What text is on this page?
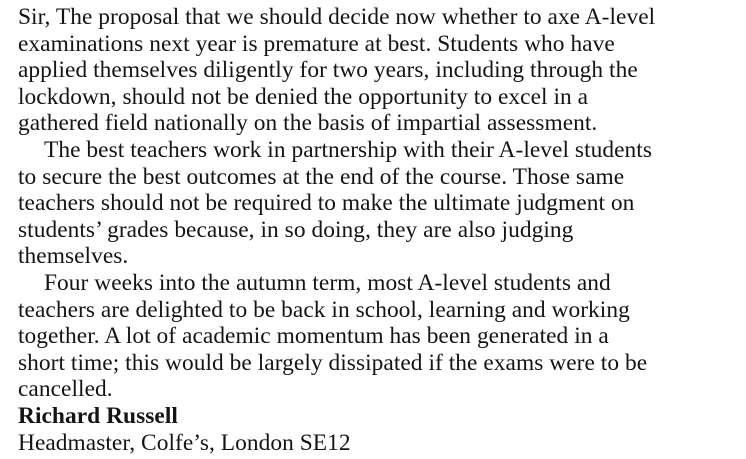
Sir, The proposal that we should decide now whether to axe A-level
examinations next year is premature at best. Students who have
applied themselves diligently for two years, including through the
lockdown, should not be denied the opportunity to excel in a
gathered field nationally on the basis of impartial assessment.
The best teachers work in partnership with their A-level students
to secure the best outcomes at the end of the course. Those same
teachers should not be required to make the ultimate judgment on
students’ grades because, in so doing, they are also judging
themselves.
Four weeks into the autumn term, most A-level students and
teachers are delighted to be back in school, learning and working
together. A lot of academic momentum has been generated in a
short time; this would be largely dissipated if the exams were to be
cancelled.
Richard Russell
Headmaster, Colfe’s, London SE12
